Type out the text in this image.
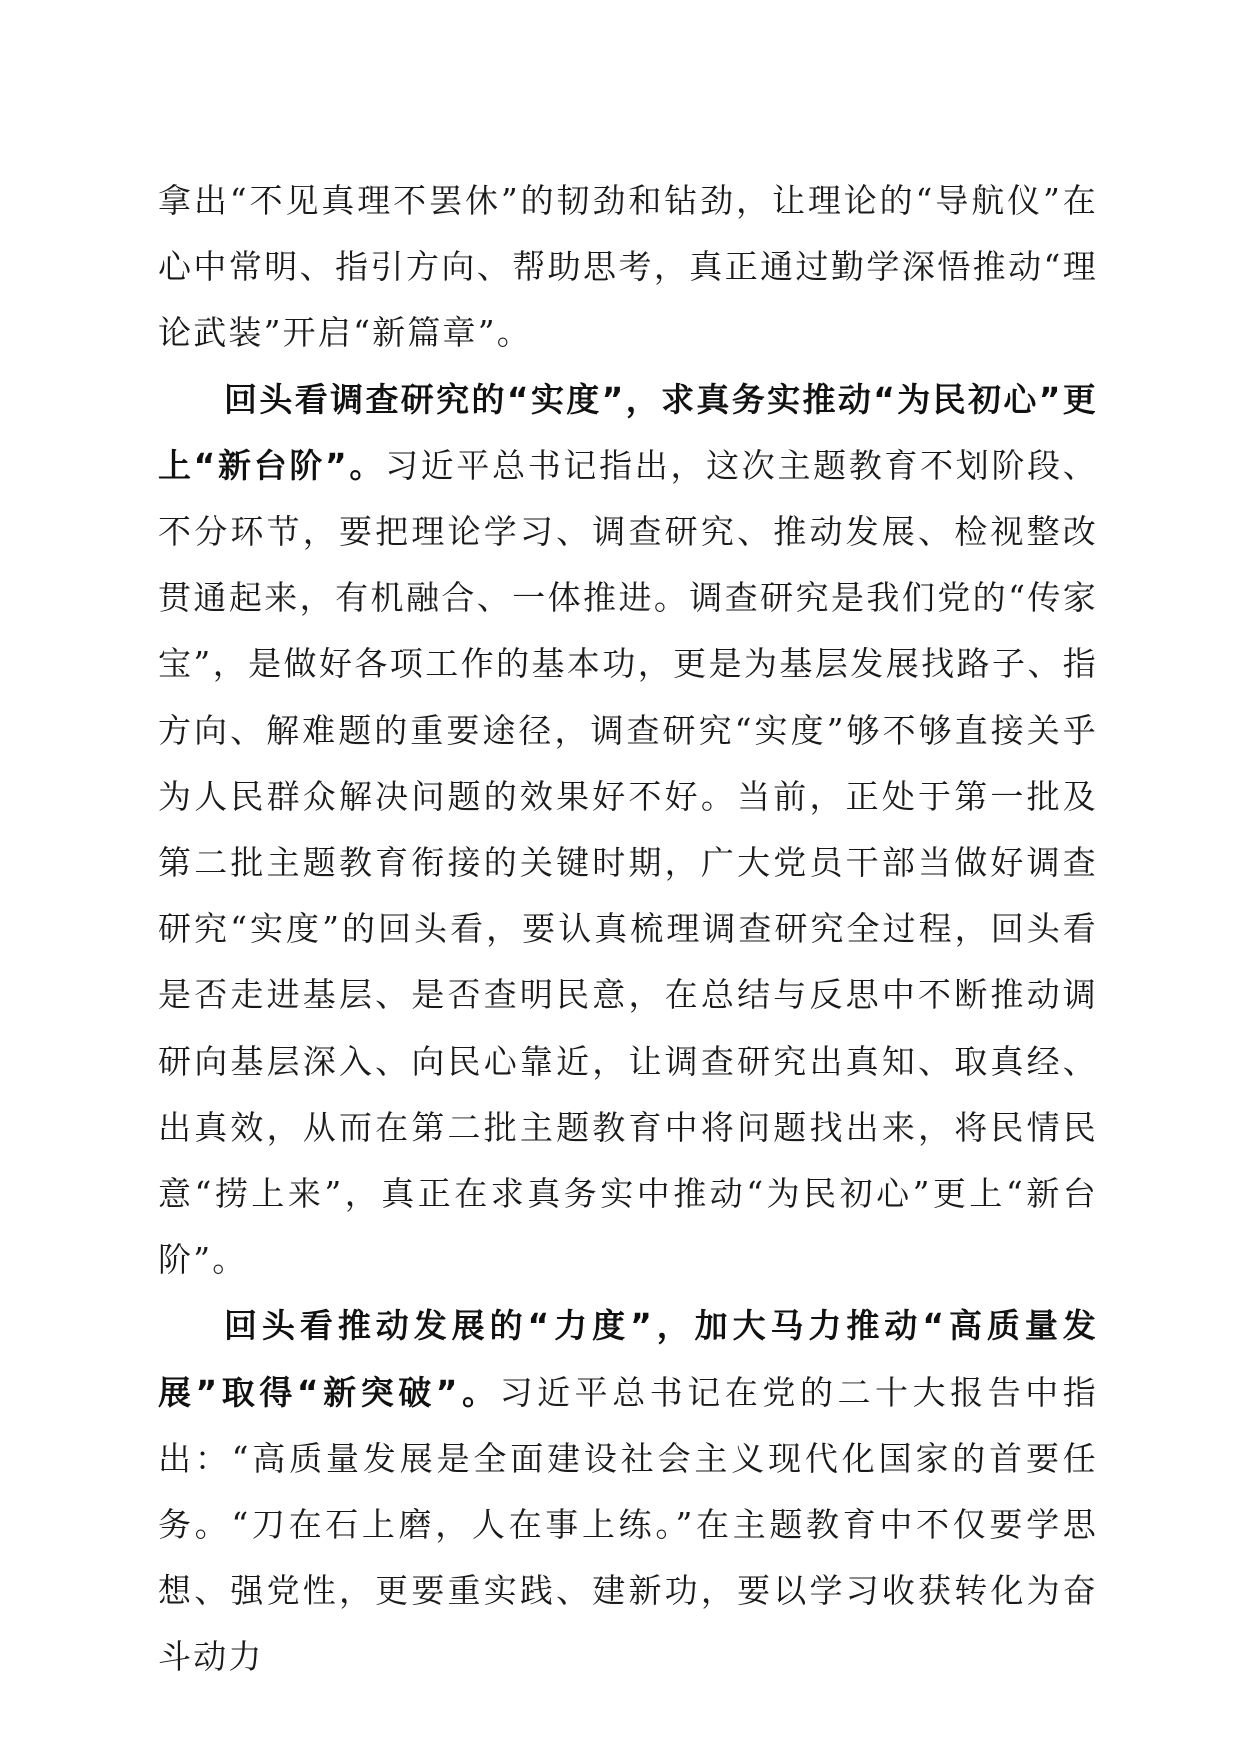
拿出“不见真理不罢休”的韧劲和钻劲，让理论的“导航仪”在心中常明、指引方向、帮助思考，真正通过勤学深悟推动“理论武装”开启“新篇章”。

回头看调查研究的“实度”，求真务实推动“为民初心”更上“新台阶”。习近平总书记指出，这次主题教育不划阶段、不分环节，要把理论学习、调查研究、推动发展、检视整改贯通起来，有机融合、一体推进。调查研究是我们党的“传家宝”，是做好各项工作的基本功，更是为基层发展找路子、指方向、解难题的重要途径，调查研究“实度”够不够直接关乎为人民群众解决问题的效果好不好。当前，正处于第一批及第二批主题教育衔接的关键时期，广大党员干部当做好调查研究“实度”的回头看，要认真梳理调查研究全过程，回头看是否走进基层、是否查明民意，在总结与反思中不断推动调研向基层深入、向民心靠近，让调查研究出真知、取真经、出真效，从而在第二批主题教育中将问题找出来，将民情民意“捞上来”，真正在求真务实中推动“为民初心”更上“新台阶”。

回头看推动发展的“力度”，加大马力推动“高质量发展”取得“新突破”。习近平总书记在党的二十大报告中指出：“高质量发展是全面建设社会主义现代化国家的首要任务。“刀在石上磨，人在事上练。”在主题教育中不仅要学思想、强党性，更要重实践、建新功，要以学习收获转化为奋斗动力
